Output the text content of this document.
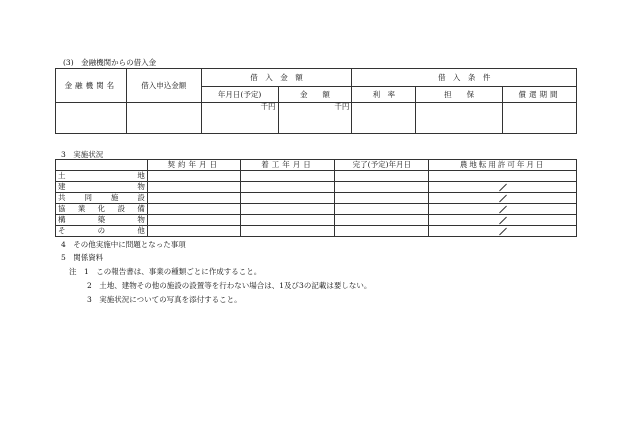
(3)　金融機関からの借入金
金融機関名	借入申込金額	借　入　金　額		借　入　条　件		
		年月日(予定)	金　　額	利　率	担　　保	償還期間
		千円	千円			
3　実施状況
	契約年月日	着工年月日	完了(予定)年月日	農地転用許可年月日

土地				

建物				

共同施設				

協業化設備				

構築物				

その他				

4　その他実施中に問題となった事項
5　関係資料
注　1　この報告書は、事業の種類ごとに作成すること。
2　土地、建物その他の施設の設置等を行わない場合は、1及び3の記載は要しない。
3　実施状況についての写真を添付すること。
